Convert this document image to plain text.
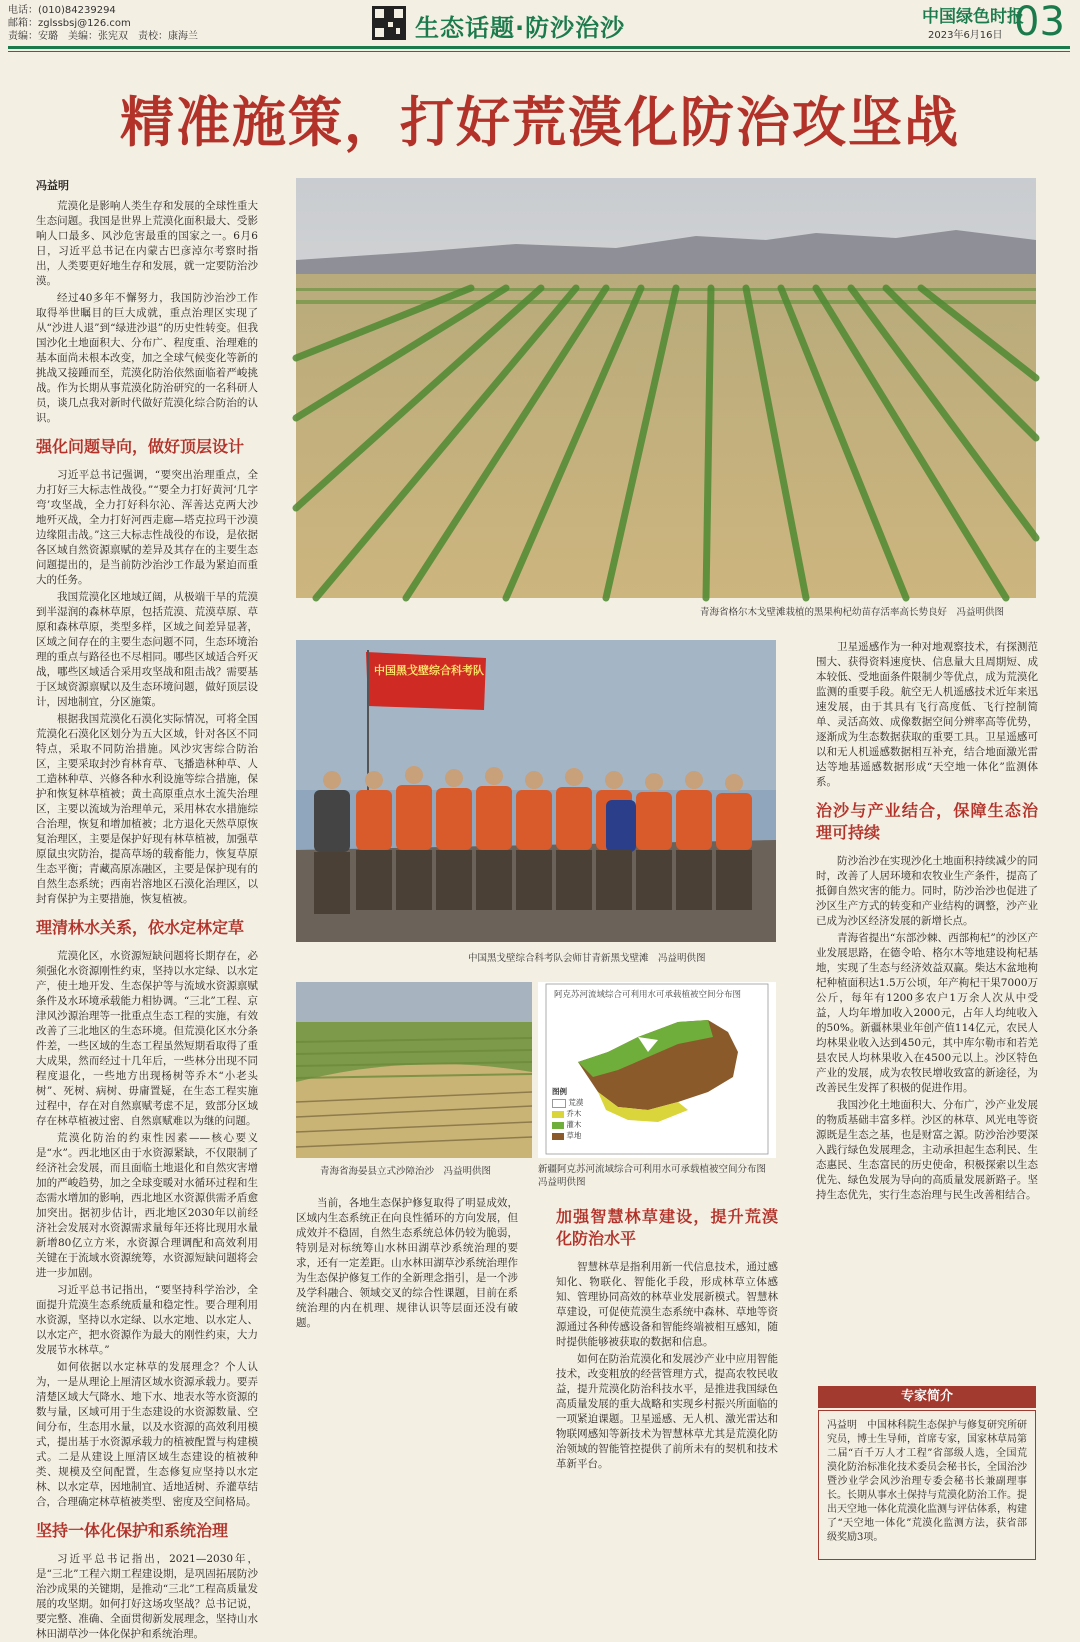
电话：(010)84239294
邮箱：zglssbsj@126.com
责编：安璐　美编：张宪双　责校：康海兰	生态话题·防沙治沙	中国绿色时报
2023年6月16日 03
精准施策，打好荒漠化防治攻坚战
冯益明

荒漠化是影响人类生存和发展的全球性重大生态问题。我国是世界上荒漠化面积最大、受影响人口最多、风沙危害最重的国家之一。6月6日，习近平总书记在内蒙古巴彦淖尔考察时指出，人类要更好地生存和发展，就一定要防治沙漠。

经过40多年不懈努力，我国防沙治沙工作取得举世瞩目的巨大成就，重点治理区实现了从“沙进人退”到“绿进沙退”的历史性转变。但我国沙化土地面积大、分布广、程度重、治理难的基本面尚未根本改变，加之全球气候变化等新的挑战又接踵而至，荒漠化防治依然面临着严峻挑战。作为长期从事荒漠化防治研究的一名科研人员，谈几点我对新时代做好荒漠化综合防治的认识。

强化问题导向，做好顶层设计

习近平总书记强调，“要突出治理重点，全力打好三大标志性战役。”“要全力打好黄河‘几字弯’攻坚战，全力打好科尔沁、浑善达克两大沙地歼灭战，全力打好河西走廊—塔克拉玛干沙漠边缘阻击战。”这三大标志性战役的布设，是依据各区域自然资源禀赋的差异及其存在的主要生态问题提出的，是当前防沙治沙工作最为紧迫而重大的任务。

我国荒漠化区地域辽阔，从极端干旱的荒漠到半湿润的森林草原，包括荒漠、荒漠草原、草原和森林草原，类型多样，区域之间差异显著，区域之间存在的主要生态问题不同，生态环境治理的重点与路径也不尽相同。哪些区域适合歼灭战，哪些区域适合采用攻坚战和阻击战？需要基于区域资源禀赋以及生态环境问题，做好顶层设计，因地制宜，分区施策。

根据我国荒漠化石漠化实际情况，可将全国荒漠化石漠化区划分为五大区域，针对各区不同特点，采取不同防治措施。风沙灾害综合防治区，主要采取封沙育林育草、飞播造林种草、人工造林种草、兴修各种水利设施等综合措施，保护和恢复林草植被；黄土高原重点水土流失治理区，主要以流域为治理单元，采用林农水措施综合治理，恢复和增加植被；北方退化天然草原恢复治理区，主要是保护好现有林草植被，加强草原鼠虫灾防治，提高草场的载畜能力，恢复草原生态平衡；青藏高原冻融区，主要是保护现有的自然生态系统；西南岩溶地区石漠化治理区，以封育保护为主要措施，恢复植被。

理清林水关系，依水定林定草

荒漠化区，水资源短缺问题将长期存在，必须强化水资源刚性约束，坚持以水定绿、以水定产，使土地开发、生态保护等与流域水资源禀赋条件及水环境承载能力相协调。“三北”工程、京津风沙源治理等一批重点生态工程的实施，有效改善了三北地区的生态环境。但荒漠化区水分条件差，一些区域的生态工程虽然短期看取得了重大成果，然而经过十几年后，一些林分出现不同程度退化，一些地方出现杨树等乔木“小老头树”、死树、病树、毋庸置疑，在生态工程实施过程中，存在对自然禀赋考虑不足，致部分区域存在林草植被过密、自然禀赋难以为继的问题。

荒漠化防治的约束性因素——核心要义是“水”。西北地区由于水资源紧缺，不仅限制了经济社会发展，而且面临土地退化和自然灾害增加的严峻趋势，加之全球变暖对水循环过程和生态需水增加的影响，西北地区水资源供需矛盾愈加突出。据初步估计，西北地区2030年以前经济社会发展对水资源需求量每年还将比现用水量新增80亿立方米，水资源合理调配和高效利用关键在于流域水资源统筹，水资源短缺问题将会进一步加剧。

习近平总书记指出，“要坚持科学治沙，全面提升荒漠生态系统质量和稳定性。要合理利用水资源，坚持以水定绿、以水定地、以水定人、以水定产，把水资源作为最大的刚性约束，大力发展节水林草。”

如何依据以水定林草的发展理念？个人认为，一是从理论上厘清区域水资源承载力。要弄清楚区域大气降水、地下水、地表水等水资源的数与量，区域可用于生态建设的水资源数量、空间分布，生态用水量，以及水资源的高效利用模式，提出基于水资源承载力的植被配置与构建模式。二是从建设上厘清区域生态建设的植被种类、规模及空间配置，生态修复应坚持以水定林、以水定草，因地制宜、适地适树、乔灌草结合，合理确定林草植被类型、密度及空间格局。

坚持一体化保护和系统治理

习近平总书记指出，2021—2030年，是“三北”工程六期工程建设期，是巩固拓展防沙治沙成果的关键期，是推动“三北”工程高质量发展的攻坚期。如何打好这场攻坚战？总书记说，要完整、准确、全面贯彻新发展理念，坚持山水林田湖草沙一体化保护和系统治理。

青海省格尔木戈壁滩栽植的黑果枸杞幼苗存活率高长势良好　冯益明供图
中国黑戈壁综合科考队
中国黑戈壁综合科考队会师甘青新黑戈壁滩　冯益明供图
青海省海晏县立式沙障治沙　冯益明供图
阿克苏河流域综合可利用水可承载植被空间分布图
图例
荒漠
乔木
灌木
草地
新疆阿克苏河流域综合可利用水可承载植被空间分布图　冯益明供图

当前，各地生态保护修复取得了明显成效，区域内生态系统正在向良性循环的方向发展，但成效并不稳固，自然生态系统总体仍较为脆弱，特别是对标统筹山水林田湖草沙系统治理的要求，还有一定差距。山水林田湖草沙系统治理作为生态保护修复工作的全新理念指引，是一个涉及学科融合、领域交叉的综合性课题，目前在系统治理的内在机理、规律认识等层面还没有破题。

加强智慧林草建设，提升荒漠化防治水平

智慧林草是指利用新一代信息技术，通过感知化、物联化、智能化手段，形成林草立体感知、管理协同高效的林草业发展新模式。智慧林草建设，可促使荒漠生态系统中森林、草地等资源通过各种传感设备和智能终端被相互感知，随时提供能够被获取的数据和信息。

如何在防治荒漠化和发展沙产业中应用智能技术，改变粗放的经营管理方式，提高农牧民收益，提升荒漠化防治科技水平，是推进我国绿色高质量发展的重大战略和实现乡村振兴所面临的一项紧迫课题。卫星遥感、无人机、激光雷达和物联网感知等新技术为智慧林草尤其是荒漠化防治领域的智能管控提供了前所未有的契机和技术革新平台。

卫星遥感作为一种对地观察技术，有探测范围大、获得资料速度快、信息量大且周期短、成本较低、受地面条件限制少等优点，成为荒漠化监测的重要手段。航空无人机遥感技术近年来迅速发展，由于其具有飞行高度低、飞行控制简单、灵活高效、成像数据空间分辨率高等优势，逐渐成为生态数据获取的重要工具。卫星遥感可以和无人机遥感数据相互补充，结合地面激光雷达等地基遥感数据形成“天空地一体化”监测体系。

治沙与产业结合，保障生态治理可持续

防沙治沙在实现沙化土地面积持续减少的同时，改善了人居环境和农牧业生产条件，提高了抵御自然灾害的能力。同时，防沙治沙也促进了沙区生产方式的转变和产业结构的调整，沙产业已成为沙区经济发展的新增长点。

青海省提出“东部沙棘、西部枸杞”的沙区产业发展思路，在德令哈、格尔木等地建设枸杞基地，实现了生态与经济效益双赢。柴达木盆地枸杞种植面积达1.5万公顷，年产枸杞干果7000万公斤，每年有1200多农户1万余人次从中受益，人均年增加收入2000元，占年人均纯收入的50%。新疆林果业年创产值114亿元，农民人均林果业收入达到450元，其中库尔勒市和若羌县农民人均林果收入在4500元以上。沙区特色产业的发展，成为农牧民增收致富的新途径，为改善民生发挥了积极的促进作用。

我国沙化土地面积大、分布广，沙产业发展的物质基础丰富多样。沙区的林草、风光电等资源既是生态之基，也是财富之源。防沙治沙要深入践行绿色发展理念，主动承担起生态利民、生态惠民、生态富民的历史使命，积极探索以生态优先、绿色发展为导向的高质量发展新路子。坚持生态优先，实行生态治理与民生改善相结合。

专家简介
冯益明　中国林科院生态保护与修复研究所研究员，博士生导师，首席专家，国家林草局第二届“百千万人才工程”省部级人选，全国荒漠化防治标准化技术委员会秘书长，全国治沙暨沙业学会风沙治理专委会秘书长兼副理事长。长期从事水土保持与荒漠化防治工作。提出天空地一体化荒漠化监测与评估体系，构建了“天空地一体化”荒漠化监测方法，获省部级奖励3项。
